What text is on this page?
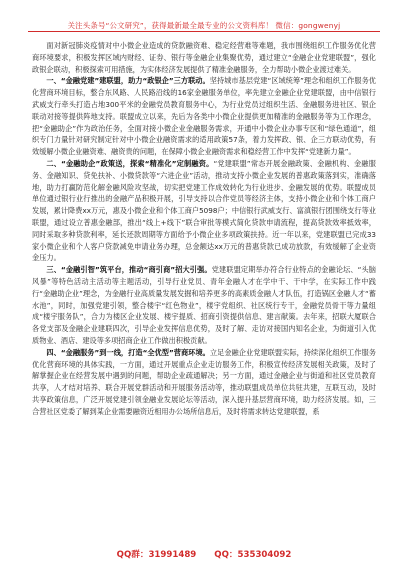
关注头条号“公文研究”，获得最新最全最专业的公文资料库！ 微信：gongwenyj

面对新冠肺炎疫情对中小微企业造成的贷款融资难、稳定经营难等难题，我市围绕组织工作服务优化营商环境要求，积极发挥区域内财经、证券、银行等金融企业集聚优势，通过建立“金融企业党建联盟”，强化政银企联动，积极探索可用措施，为实体经济发展提供了精准金融服务，全力帮助小微企业渡过难关。

一、“金融党建”建联盟，助力“政银企”三方联动。坚持城市基层党建“区域统筹”理念和组织工作服务优化营商环境目标，整合东风路、人民路沿线的16家金融服务单位，率先建立金融企业党建联盟，由中信银行武威支行牵头打造占地300平米的金融党员教育服务中心，为行业党员过组织生活、金融服务进社区、银企联动对接等提供阵地支持。联盟成立以来，先后为各类中小微企业提供更加精准的金融服务等为工作理念，把“金融助企”作为政治任务，全面对接小微企业金融服务需求，开通中小微企业办事专区和“绿色通道”，组织专门力量针对研究制定针对中小微企业融资需求的适用政策57条，着力发挥政、银、企三方联动优势，有效缓解小微企业融资难、融资贵的问题，在保障小微企业融资需求和稳经营工作中发挥“党建新力量”。

二、“金融助企”政策送，探索“精准化”定制融资。“党建联盟”常态开展金融政策、金融机构、金融服务、金融知识、贷免扶补、小微贷款等“六进企业”活动，推动支持小微企业发展的普惠政策落到实，准确落地，助力打赢防范化解金融风险攻坚战，切实把党建工作成效转化为行业进步、金融发展的优势。联盟成员单位通过银行业行推出的金融产品积极开展，引导支持以合作党员等经济主体，支持小微企业和个体工商户发展，累计降费xx万元，惠及小微企业和个体工商户5098户；中信银行武威支行、富滇银行团围绕支行等业联盟，通过设立普惠金融部，推出“线上+线下”联合审批等模式简化贷款申请流程，提高贷款效率抵效率，同时采取多种贷款利率，延长还款周期等方面给予小微企业多项政策扶持。近一年以来，党建联盟已完成33家小微企业和个人客户贷款减免申请业务办理，总金额达xx万元的普惠贷款已成功放款，有效缓解了企业资金压力。

三、“金融引智”筑平台，推动“商引商”招大引强。党建联盟定期举办符合行业特点的金融论坛、“头脑风暴”等特色活动主活动等主题活动，引导行业党员、青年金融人才在学中干、干中学，在实际工作中践行“金融助企业”理念，为金融行业高质量发展发掘和培养更多的高素质金融人才队伍，打造锅区金融人才“蓄水池”，同时，加强党建引领，整合楼宇“红色物业”，楼宇党组织、社区统行专干，金融党员骨干等力量组成“楼宇服务队”，合力为楼区企业发展、楼宇提质、招商引资提供信息、建言献策。去年来，招联大厦联合各党支部及金融企业建联四次，引导企业发挥信息优势，及时了解、走访对接国内知名企业，为街道引入优质物业、酒店、建设等多项招商企业工作做出积极贡献。

四、“金融服务”到一线，打造“全优型”营商环境。立足金融企业党建联盟实际，持续深化组织工作服务优化营商环境的具体实践，一方面，通过开展重点企业走访服务工作，积极宣传经济发展相关政策，及时了解掌握企业在经营发展中遇到的问题，帮助企业疏通解决；另一方面，通过金融企业与街道和社区党员教育共享，人才结对培养、联合开展党群活动和开展服务活动等，推动联盟成员单位共驻共建，互联互动，及时共享政策信息，广泛开展党建引领金融业发展论坛等活动，深入提升基层营商环境，助力经济发展。如，三合营社区党委了解到某企业需要融资近相用办公场所信息后，及时将需求转达党建联盟，系

QQ群：31991489 QQ：535304092
